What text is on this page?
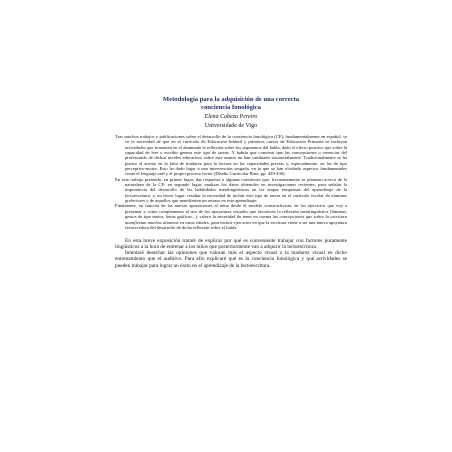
Metodología para la adquisición de una correcta
conciencia fonológica
Elena Cabeza Pereiro
Universidade de Vigo

Tras muchos trabajos y publicaciones sobre el desarrollo de la conciencia fonológica (CF), fundamentalmente en español, se ve la necesidad de que en el currículo de Educación Infantil y primeros cursos de Educación Primaria se incluyan actividades que fomenten en el alumnado la reflexión sobre los segmentos del habla, dado el efecto positivo que sobre la capacidad de leer y escribir genera este tipo de tareas. Y habría que convenir que las concepciones o creencias del profesorado de dichos niveles educativos sobre este asunto no han cambiado sustancialmente. Tradicionalmente se ha puesto el acento en la falta de madurez para la lectura en las capacidades previas y, especialmente, en las de tipo perceptivo-motor. Esto ha dado lugar a una intervención sesgada, en la que se han olvidado aspectos fundamentales como el lenguaje oral y el propio proceso lector (Diseño Curricular Base, pp. 429-430).

En este trabajo pretendo, en primer lugar, dar respuesta a algunas cuestiones que, frecuentemente se plantean acerca de la naturaleza de la CF; en segundo lugar, analizar los datos obtenidos en investigaciones recientes, para señalar la importancia del desarrollo de las habilidades metalingüísticas en las etapas tempranas del aprendizaje de la lectoescritura; y, en tercer lugar, resaltar la necesidad de incluir este tipo de tareas en el currículo escolar de alumnos prelectores y de aquellos que manifiesten un retraso en este aprendizaje.

Finalmente, en función de las nuevas aportaciones al tema desde el modelo constructivista, en los ejercicios que voy a presentar y como complemento al uso de los apoyaturas visuales que favorecen la reflexión metalingüística (láminas, gestos de tipo motor, letras gráficas...), valoro la necesidad de tener en cuenta las concepciones que sobre la escritura manifiestan muchos alumnos en estas edades, para incluir ejercicios en que la escritura viene a ser una nueva apoyatura favorecedora del desarrollo de dicha reflexión sobre el habla.

En esta breve exposición trataré de explicar por qué es conveniente trabajar con factores puramente lingüísticos a la hora de entrenar a los niños que posteriormente van a adquirir la lectoescritura.

Intentaré desechar las opiniones que valoran más el aspecto visual o la madurez visual en dicho entrenamiento que el auditivo. Para ello explicaré qué es la conciencia fonológica y qué actividades se pueden trabajar para lograr un éxito en el aprendizaje de la lectoescritura.
